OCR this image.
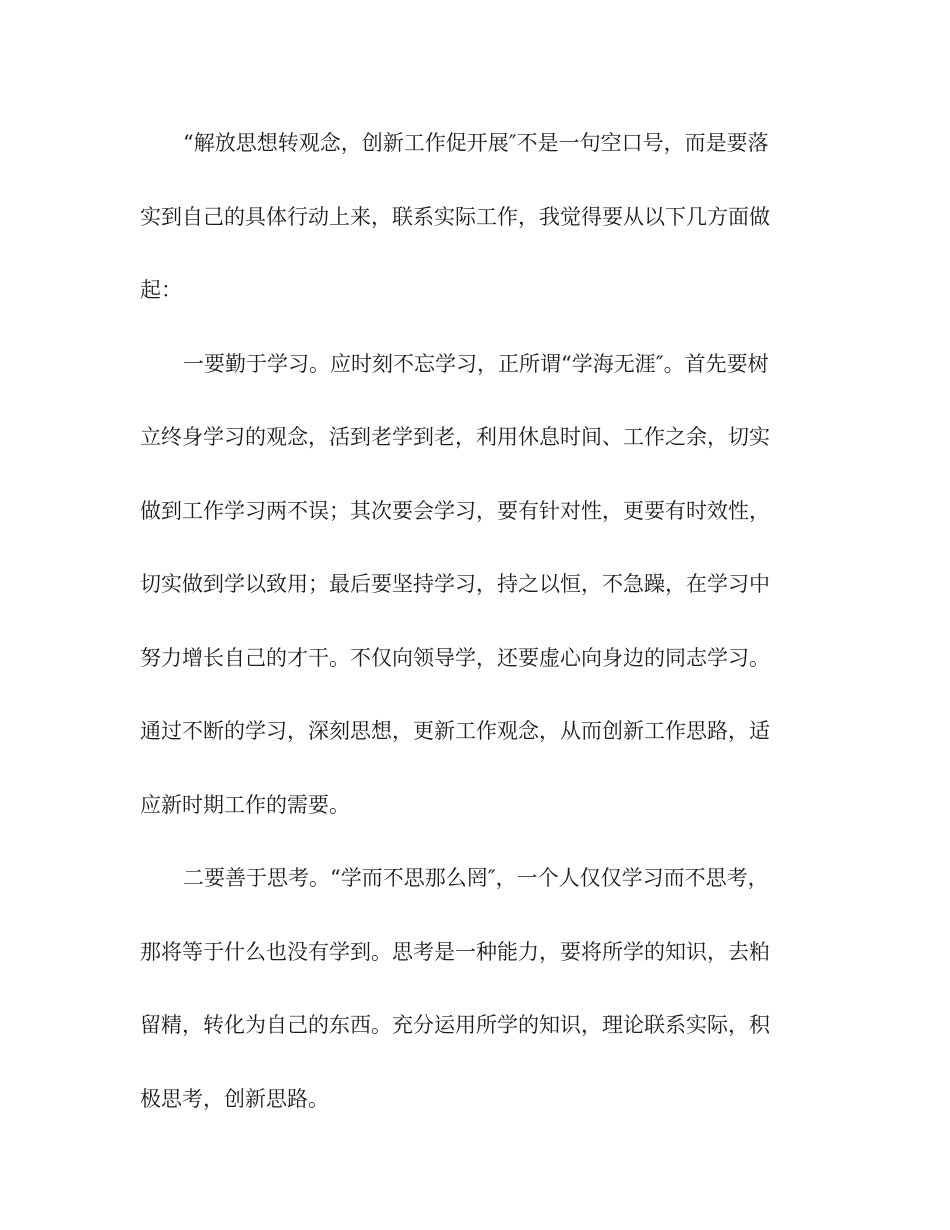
“解放思想转观念，创新工作促开展″不是一句空口号，而是要落
实到自己的具体行动上来，联系实际工作，我觉得要从以下几方面做
起：
一要勤于学习。应时刻不忘学习，正所谓“学海无涯″。首先要树
立终身学习的观念，活到老学到老，利用休息时间、工作之余，切实
做到工作学习两不误；其次要会学习，要有针对性，更要有时效性，
切实做到学以致用；最后要坚持学习，持之以恒，不急躁，在学习中
努力增长自己的才干。不仅向领导学，还要虚心向身边的同志学习。
通过不断的学习，深刻思想，更新工作观念，从而创新工作思路，适
应新时期工作的需要。
二要善于思考。“学而不思那么罔″，一个人仅仅学习而不思考，
那将等于什么也没有学到。思考是一种能力，要将所学的知识，去粕
留精，转化为自己的东西。充分运用所学的知识，理论联系实际，积
极思考，创新思路。
